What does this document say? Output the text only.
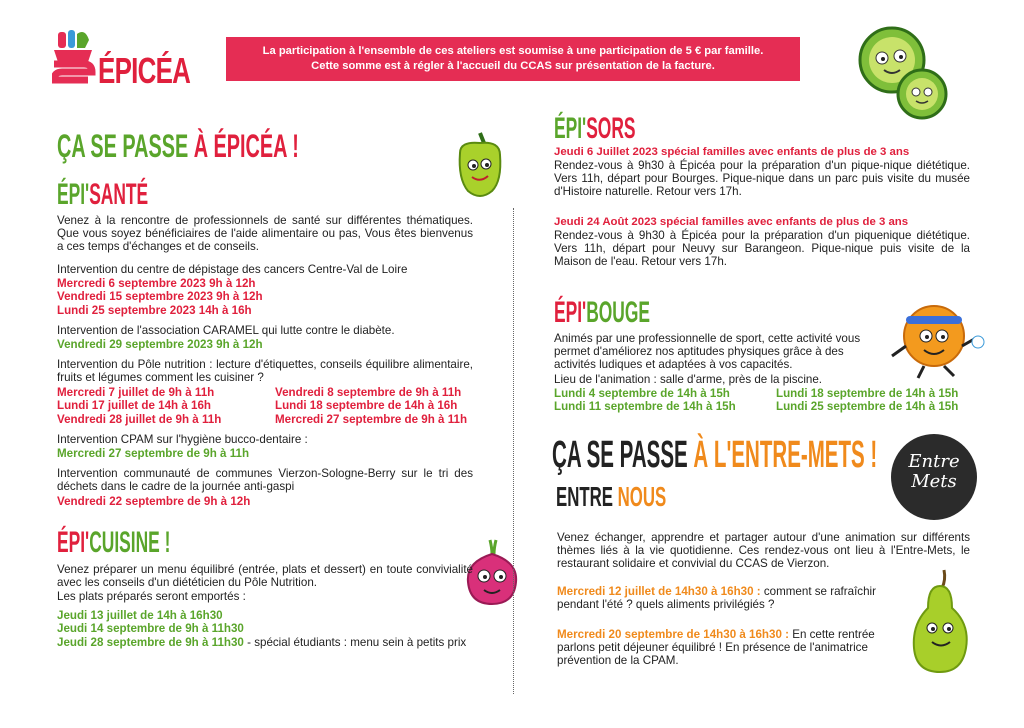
ÉPICÉA	La participation à l'ensemble de ces ateliers est soumise à une participation de 5 € par famille.
Cette somme est à régler à l'accueil du CCAS sur présentation de la facture.
ÇA SE PASSE À ÉPICÉA !
ÉPI'SANTÉ
Venez à la rencontre de professionnels de santé sur différentes thématiques. Que vous soyez bénéficiaires de l'aide alimentaire ou pas, Vous êtes bienvenus a ces temps d'échanges et de conseils.
Intervention du centre de dépistage des cancers Centre-Val de Loire
Mercredi 6 septembre 2023 9h à 12h
Vendredi 15 septembre 2023 9h à 12h
Lundi 25 septembre 2023 14h à 16h
Intervention de l'association CARAMEL qui lutte contre le diabète.
Vendredi 29 septembre 2023 9h à 12h
Intervention du Pôle nutrition : lecture d'étiquettes, conseils équilibre alimentaire, fruits et légumes comment les cuisiner ?
Mercredi 7 juillet de 9h à 11h
Lundi 17 juillet de 14h à 16h
Vendredi 28 juillet de 9h à 11h
Vendredi 8 septembre de 9h à 11h
Lundi 18 septembre de 14h à 16h
Mercredi 27 septembre de 9h à 11h
Intervention CPAM sur l'hygiène bucco-dentaire :
Mercredi 27 septembre de 9h à 11h
Intervention communauté de communes Vierzon-Sologne-Berry sur le tri des déchets dans le cadre de la journée anti-gaspi
Vendredi 22 septembre de 9h à 12h
ÉPI'CUISINE !
Venez préparer un menu équilibré (entrée, plats et dessert) en toute convivialité avec les conseils d'un diététicien du Pôle Nutrition.
Les plats préparés seront emportés :
Jeudi 13 juillet de 14h à 16h30
Jeudi 14 septembre de 9h à 11h30
Jeudi 28 septembre de 9h à 11h30 - spécial étudiants : menu sein à petits prix
ÉPI'SORS
Jeudi 6 Juillet 2023 spécial familles avec enfants de plus de 3 ans
Rendez-vous à 9h30 à Épicéa pour la préparation d'un pique-nique diététique. Vers 11h, départ pour Bourges. Pique-nique dans un parc puis visite du musée d'Histoire naturelle. Retour vers 17h.
Jeudi 24 Août 2023 spécial familles avec enfants de plus de 3 ans
Rendez-vous à 9h30 à Épicéa pour la préparation d'un piquenique diététique. Vers 11h, départ pour Neuvy sur Barangeon. Pique-nique puis visite de la Maison de l'eau. Retour vers 17h.
ÉPI'BOUGE
Animés par une professionnelle de sport, cette activité vous permet d'améliorez nos aptitudes physiques grâce à des activités ludiques et adaptées à vos capacités.
Lieu de l'animation : salle d'arme, près de la piscine.
Lundi 4 septembre de 14h à 15h
Lundi 11 septembre de 14h à 15h
Lundi 18 septembre de 14h à 15h
Lundi 25 septembre de 14h à 15h
ÇA SE PASSE À L'ENTRE-METS !
ENTRE NOUS
Entre
Mets
Venez échanger, apprendre et partager autour d'une animation sur différents thèmes liés à la vie quotidienne. Ces rendez-vous ont lieu à l'Entre-Mets, le restaurant solidaire et convivial du CCAS de Vierzon.
Mercredi 12 juillet de 14h30 à 16h30 : comment se rafraîchir pendant l'été ? quels aliments privilégiés ?
Mercredi 20 septembre de 14h30 à 16h30 : En cette rentrée parlons petit déjeuner équilibré ! En présence de l'animatrice prévention de la CPAM.
